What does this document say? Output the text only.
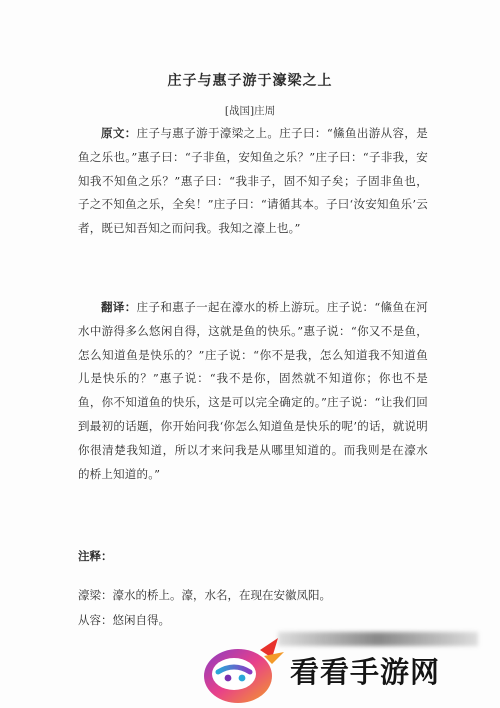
庄子与惠子游于濠梁之上
[战国]庄周
原文：庄子与惠子游于濠梁之上。庄子曰：“鯈鱼出游从容，是鱼之乐也。”惠子曰：“子非鱼，安知鱼之乐？”庄子曰：“子非我，安知我不知鱼之乐？”惠子曰：“我非子，固不知子矣；子固非鱼也，子之不知鱼之乐，全矣！”庄子曰：“请循其本。子曰‘汝安知鱼乐’云者，既已知吾知之而问我。我知之濠上也。”
翻译：庄子和惠子一起在濠水的桥上游玩。庄子说：“鯈鱼在河水中游得多么悠闲自得，这就是鱼的快乐。”惠子说：“你又不是鱼，怎么知道鱼是快乐的？”庄子说：“你不是我，怎么知道我不知道鱼儿是快乐的？”惠子说：“我不是你，固然就不知道你；你也不是鱼，你不知道鱼的快乐，这是可以完全确定的。”庄子说：“让我们回到最初的话题，你开始问我‘你怎么知道鱼是快乐的呢’的话，就说明你很清楚我知道，所以才来问我是从哪里知道的。而我则是在濠水的桥上知道的。”
注释：
濠梁：濠水的桥上。濠，水名，在现在安徽凤阳。
从容：悠闲自得。
看看手游网
